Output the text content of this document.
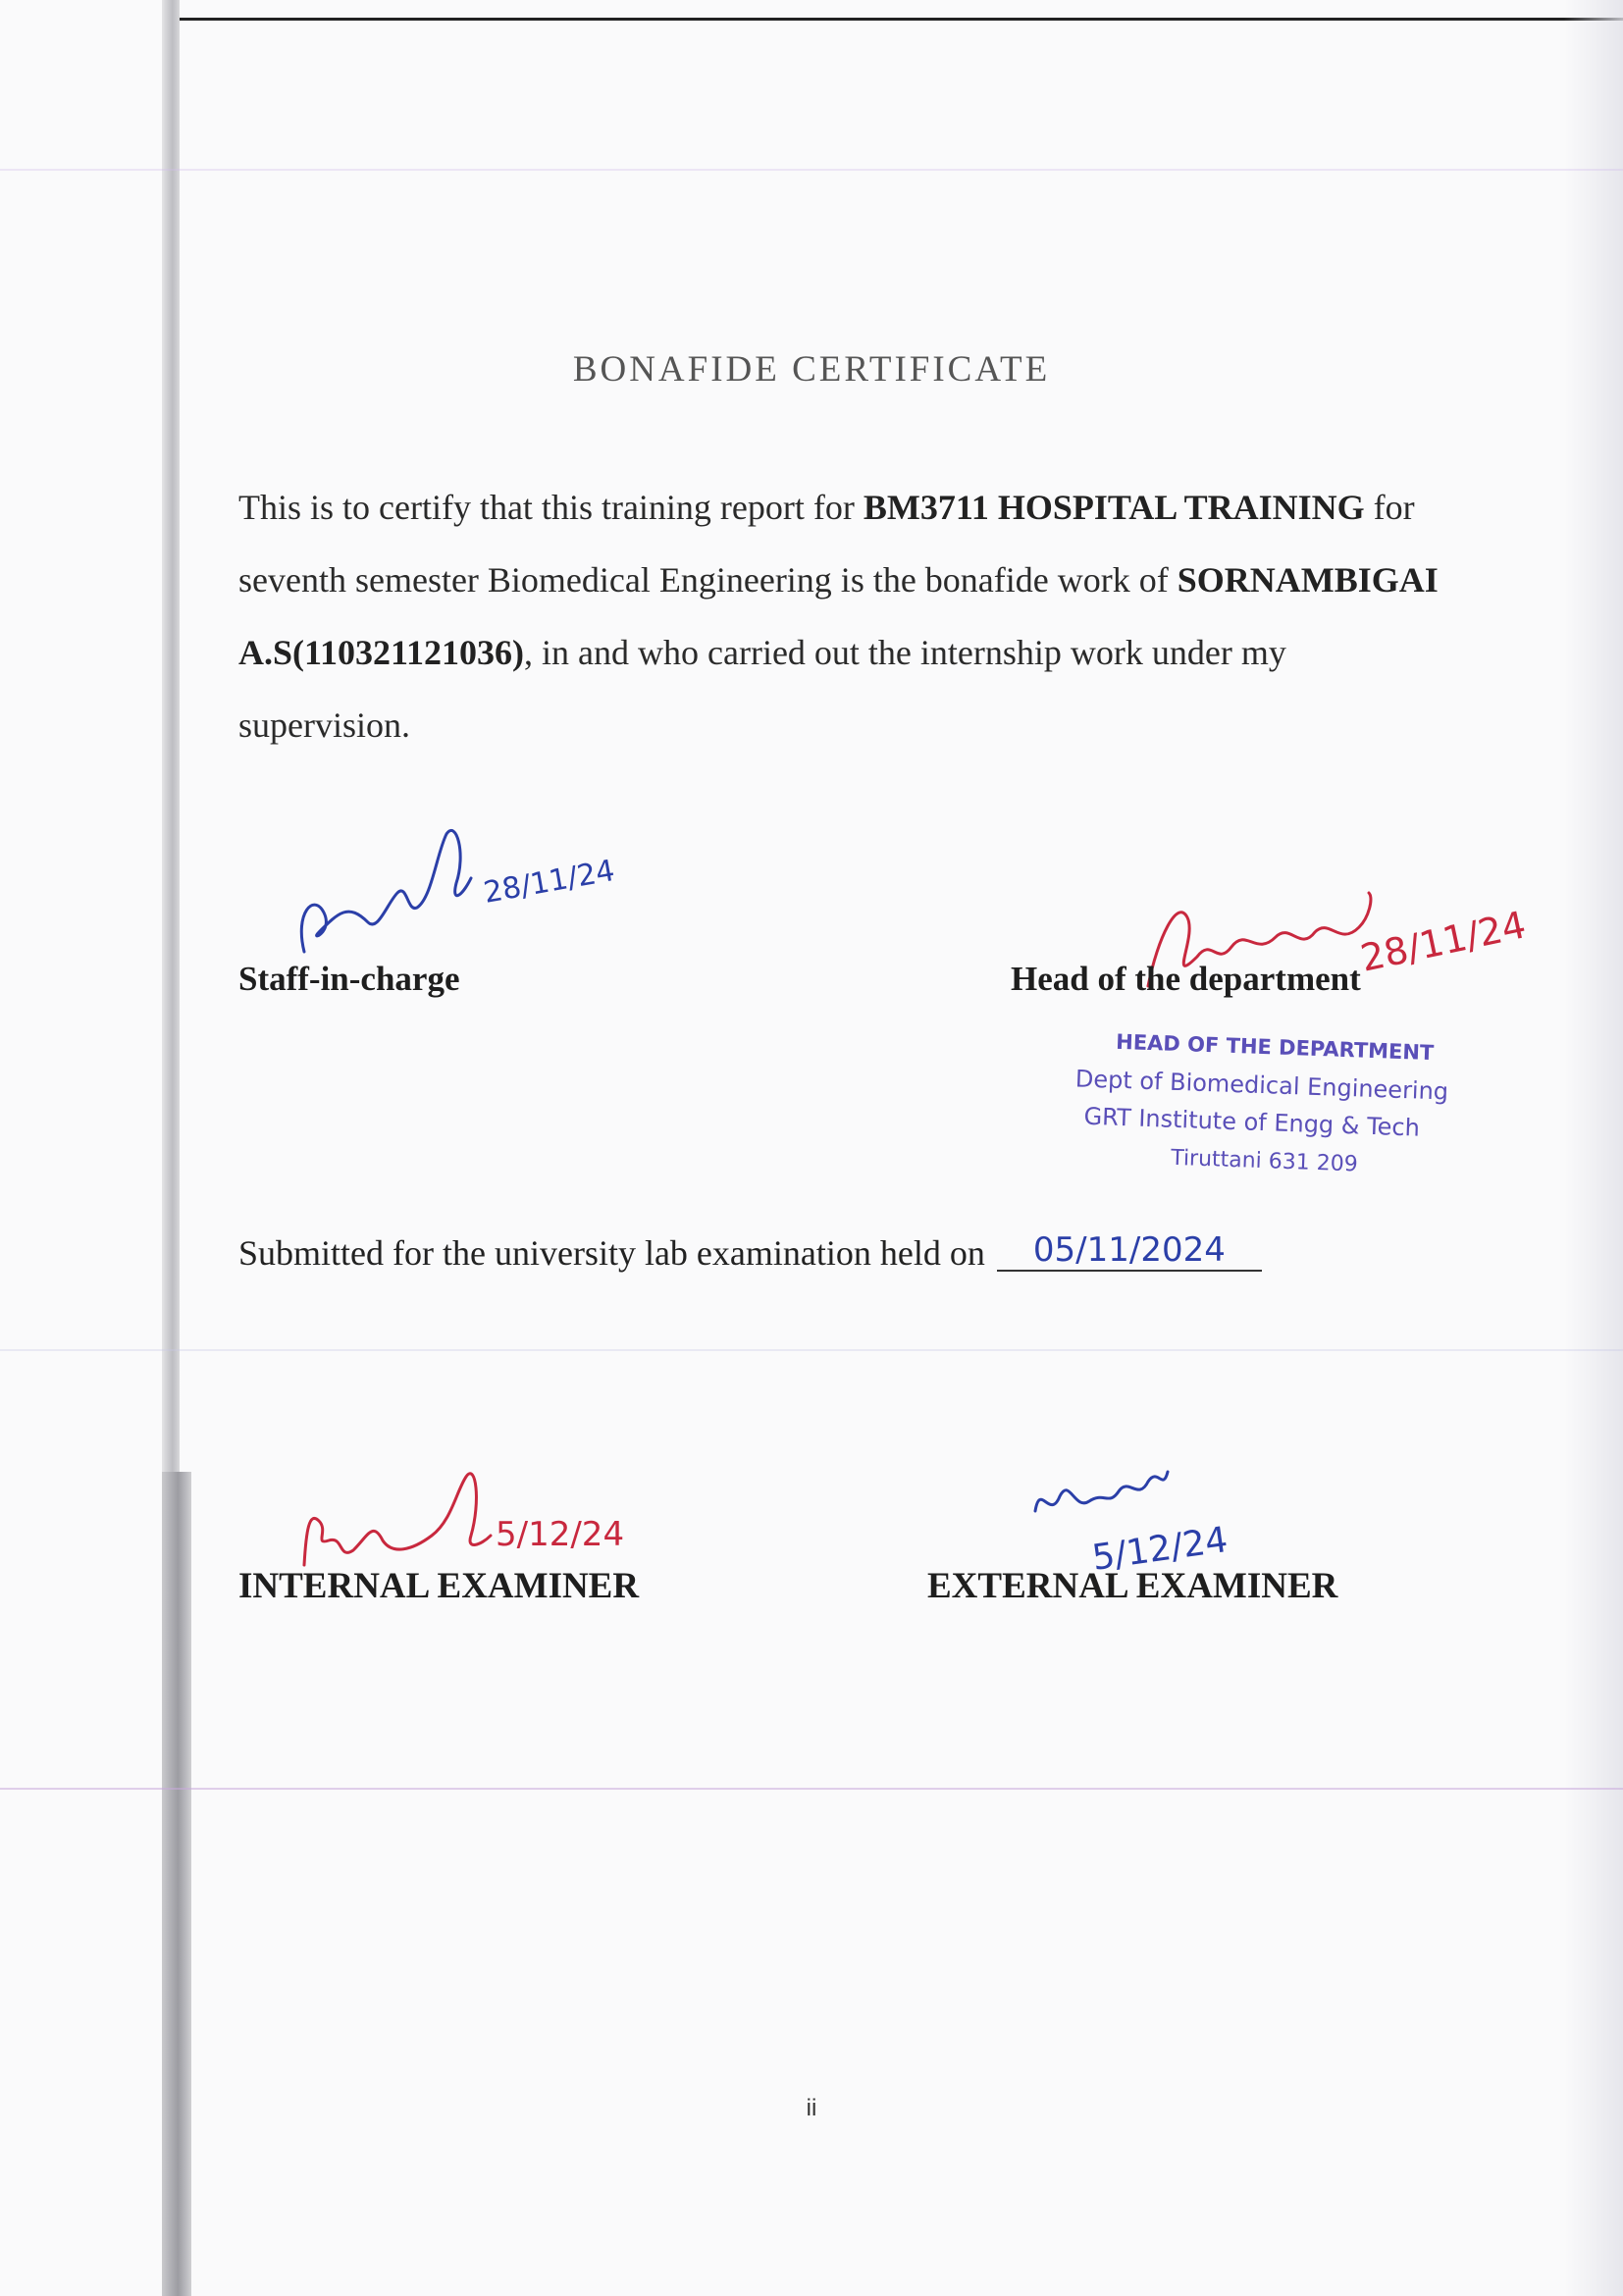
BONAFIDE CERTIFICATE
This is to certify that this training report for BM3711 HOSPITAL TRAINING for seventh semester Biomedical Engineering is the bonafide work of SORNAMBIGAI A.S(110321121036), in and who carried out the internship work under my supervision.
28/11/24
Staff-in-charge	28/11/24
Head of the department
HEAD OF THE DEPARTMENT
Dept of Biomedical Engineering
GRT Institute of Engg & Tech
Tiruttani 631 209
Submitted for the university lab examination held on 05/11/2024
5/12/24
INTERNAL EXAMINER
5/12/24
EXTERNAL EXAMINER
ii
